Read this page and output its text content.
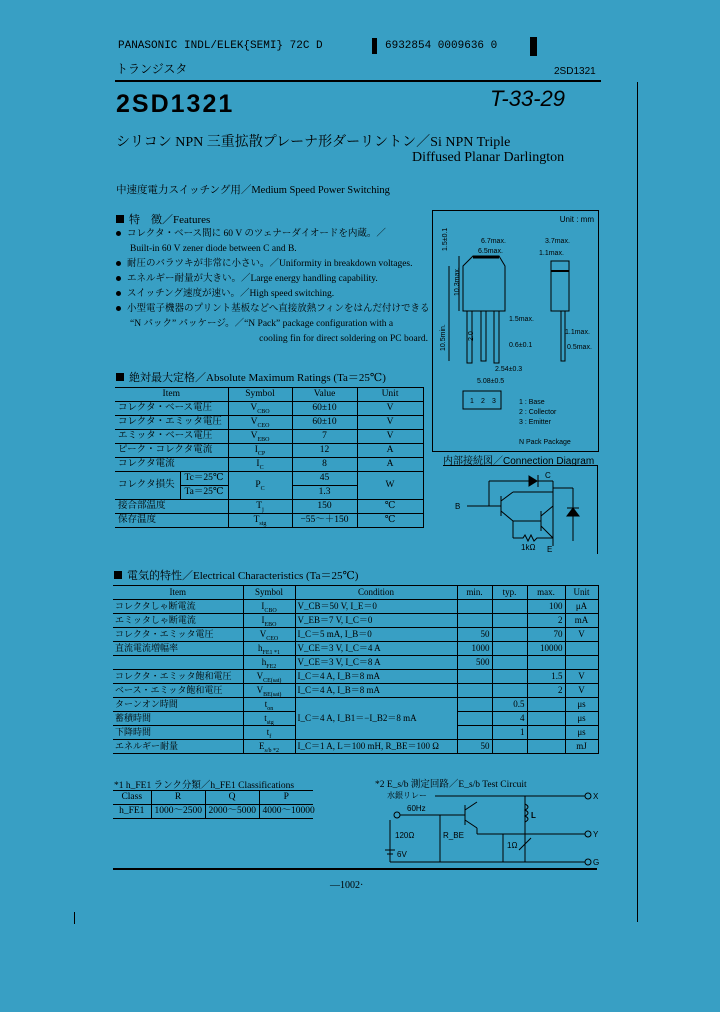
PANASONIC INDL/ELEK{SEMI} 72C D	6932854 0009636 0
トランジスタ	2SD1321
2SD1321	T-33-29
シリコン NPN 三重拡散プレーナ形ダーリントン／Si NPN Triple
Diffused Planar Darlington
中速度電力スイッチング用／Medium Speed Power Switching
特　徴／Features
コレクタ・ベース間に 60 V のツェナーダイオードを内蔵。／
Built-in 60 V zener diode between C and B.
耐圧のバラツキが非常に小さい。／Uniformity in breakdown voltages.
エネルギー耐量が大きい。／Large energy handling capability.
スイッチング速度が速い。／High speed switching.
小型電子機器のプリント基板などへ直接放熱フィンをはんだ付けできる
“N パック” パッケージ。／“N Pack” package configuration with a
cooling fin for direct soldering on PC board.
絶対最大定格／Absolute Maximum Ratings (Ta＝25℃)
Item		Symbol	Value	Unit
コレクタ・ベース電圧		$V_{CBO}$	60±10	V
コレクタ・エミッタ電圧		$V_{CEO}$	60±10	V
エミッタ・ベース電圧		$V_{EBO}$	7	V
ピーク・コレクタ電流		$I_{CP}$	12	A
コレクタ電流		$I_C$	8	A
コレクタ損失	Tc＝25℃	$P_C$	45	W
	Ta＝25℃		1.3	
接合部温度		$T_j$	150	℃
保存温度		$T_{stg}$	−55～＋150	℃
Unit : mm
6.7max.
6.5max.
1.5±0.1
10.3max.
2.0
10.5min.
1.5max.
0.6±0.1
2.54±0.3
5.08±0.5
3.7max.
1.1max.
1.1max.
0.5max.
1 2 3	1 : Base
2 : Collector
3 : Emitter
N Pack Package
内部接続図／Connection Diagram
C
B
E
1kΩ
電気的特性／Electrical Characteristics (Ta＝25℃)
Item	Symbol	Condition	min.	typ.	max.	Unit
コレクタしゃ断電流	$I_{CBO}$	V_CB＝50 V, I_E＝0			100	μA
エミッタしゃ断電流	$I_{EBO}$	V_EB＝7 V, I_C＝0			2	mA
コレクタ・エミッタ電圧	$V_{CEO}$	I_C＝5 mA, I_B＝0	50		70	V
直流電流増幅率	$h_{FE1 *1}$	V_CE＝3 V, I_C＝4 A	1000		10000	
	$h_{FE2}$	V_CE＝3 V, I_C＝8 A	500			
コレクタ・エミッタ飽和電圧	$V_{CE(sat)}$	I_C＝4 A, I_B＝8 mA			1.5	V
ベース・エミッタ飽和電圧	$V_{BE(sat)}$	I_C＝4 A, I_B＝8 mA			2	V
ターンオン時間	$t_{on}$	I_C＝4 A, I_B1＝−I_B2＝8 mA		0.5		μs
蓄積時間	$t_{stg}$			4		μs
下降時間	$t_f$			1		μs
エネルギー耐量	$E_{s/b *2}$	I_C＝1 A, L＝100 mH, R_BE＝100 Ω	50			mJ
*1 h_FE1 ランク分類／h_FE1 Classifications
Class	R	Q	P
h_FE1	1000～2500	2000～5000	4000～10000
*2 E_s/b 測定回路／E_s/b Test Circuit
水銀リレー
60Hz
120Ω	R_BE
1Ω
6V
L
X
Y
G
—1002·
